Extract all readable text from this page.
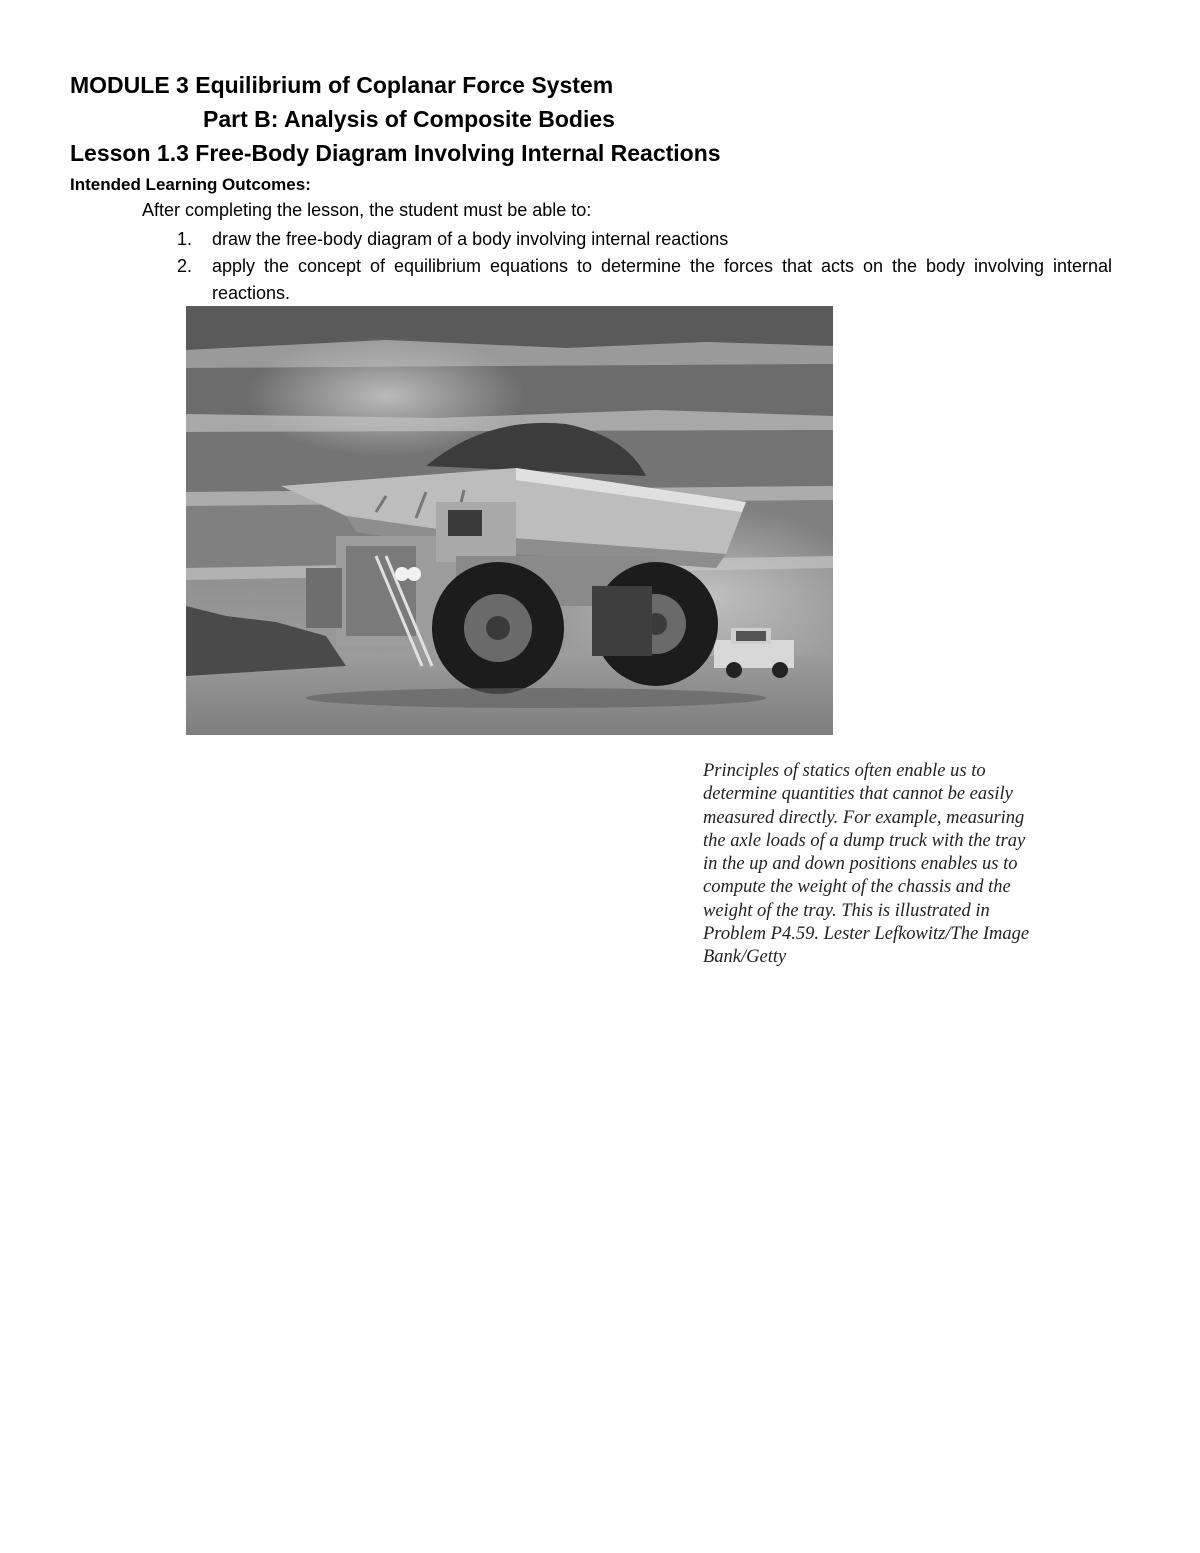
MODULE 3 Equilibrium of Coplanar Force System
Part B: Analysis of Composite Bodies
Lesson 1.3 Free-Body Diagram Involving Internal Reactions
Intended Learning Outcomes:
After completing the lesson, the student must be able to:
1. draw the free-body diagram of a body involving internal reactions
2. apply the concept of equilibrium equations to determine the forces that acts on the body involving internal reactions.
Principles of statics often enable us to determine quantities that cannot be easily measured directly. For example, measuring the axle loads of a dump truck with the tray in the up and down positions enables us to compute the weight of the chassis and the weight of the tray. This is illustrated in Problem P4.59. Lester Lefkowitz/The Image Bank/Getty
